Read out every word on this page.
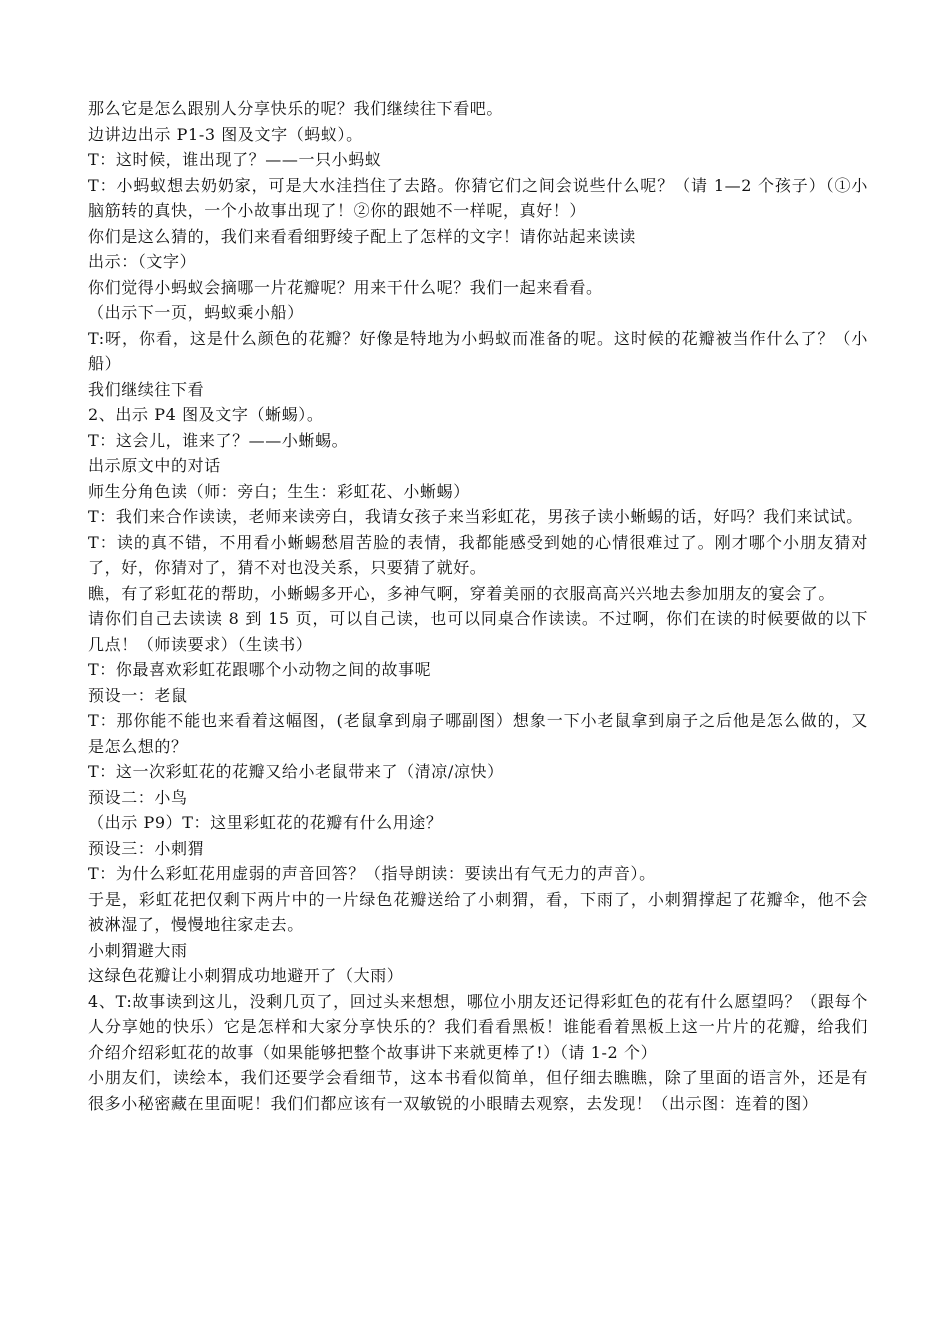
那么它是怎么跟别人分享快乐的呢？我们继续往下看吧。

边讲边出示 P1-3 图及文字（蚂蚁）。

T：这时候，谁出现了？——一只小蚂蚁

T：小蚂蚁想去奶奶家，可是大水洼挡住了去路。你猜它们之间会说些什么呢？（请 1—2 个孩子）（①小脑筋转的真快，一个小故事出现了！②你的跟她不一样呢，真好！）

你们是这么猜的，我们来看看细野绫子配上了怎样的文字！请你站起来读读

出示：（文字）

你们觉得小蚂蚁会摘哪一片花瓣呢？用来干什么呢？我们一起来看看。

（出示下一页，蚂蚁乘小船）

T:呀，你看，这是什么颜色的花瓣？好像是特地为小蚂蚁而准备的呢。这时候的花瓣被当作什么了？（小船）

我们继续往下看

2、出示 P4 图及文字（蜥蜴）。

T：这会儿，谁来了？——小蜥蜴。

出示原文中的对话

师生分角色读（师：旁白；生生：彩虹花、小蜥蜴）

T：我们来合作读读，老师来读旁白，我请女孩子来当彩虹花，男孩子读小蜥蜴的话，好吗？我们来试试。

T：读的真不错，不用看小蜥蜴愁眉苦脸的表情，我都能感受到她的心情很难过了。刚才哪个小朋友猜对了，好，你猜对了，猜不对也没关系，只要猜了就好。

瞧，有了彩虹花的帮助，小蜥蜴多开心，多神气啊，穿着美丽的衣服高高兴兴地去参加朋友的宴会了。

请你们自己去读读 8 到 15 页，可以自己读，也可以同桌合作读读。不过啊，你们在读的时候要做的以下几点！（师读要求）（生读书）

T：你最喜欢彩虹花跟哪个小动物之间的故事呢

预设一：老鼠

T：那你能不能也来看着这幅图，(老鼠拿到扇子哪副图）想象一下小老鼠拿到扇子之后他是怎么做的，又是怎么想的？

T：这一次彩虹花的花瓣又给小老鼠带来了（清凉/凉快）

预设二：小鸟

（出示 P9）T：这里彩虹花的花瓣有什么用途？

预设三：小刺猬

T：为什么彩虹花用虚弱的声音回答？（指导朗读：要读出有气无力的声音）。

于是，彩虹花把仅剩下两片中的一片绿色花瓣送给了小刺猬，看，下雨了，小刺猬撑起了花瓣伞，他不会被淋湿了，慢慢地往家走去。

小刺猬避大雨

这绿色花瓣让小刺猬成功地避开了（大雨）

4、T:故事读到这儿，没剩几页了，回过头来想想，哪位小朋友还记得彩虹色的花有什么愿望吗？（跟每个人分享她的快乐）它是怎样和大家分享快乐的？我们看看黑板！谁能看着黑板上这一片片的花瓣，给我们介绍介绍彩虹花的故事（如果能够把整个故事讲下来就更棒了!）（请 1-2 个）

小朋友们，读绘本，我们还要学会看细节，这本书看似简单，但仔细去瞧瞧，除了里面的语言外，还是有很多小秘密藏在里面呢！我们们都应该有一双敏锐的小眼睛去观察，去发现！（出示图：连着的图）
